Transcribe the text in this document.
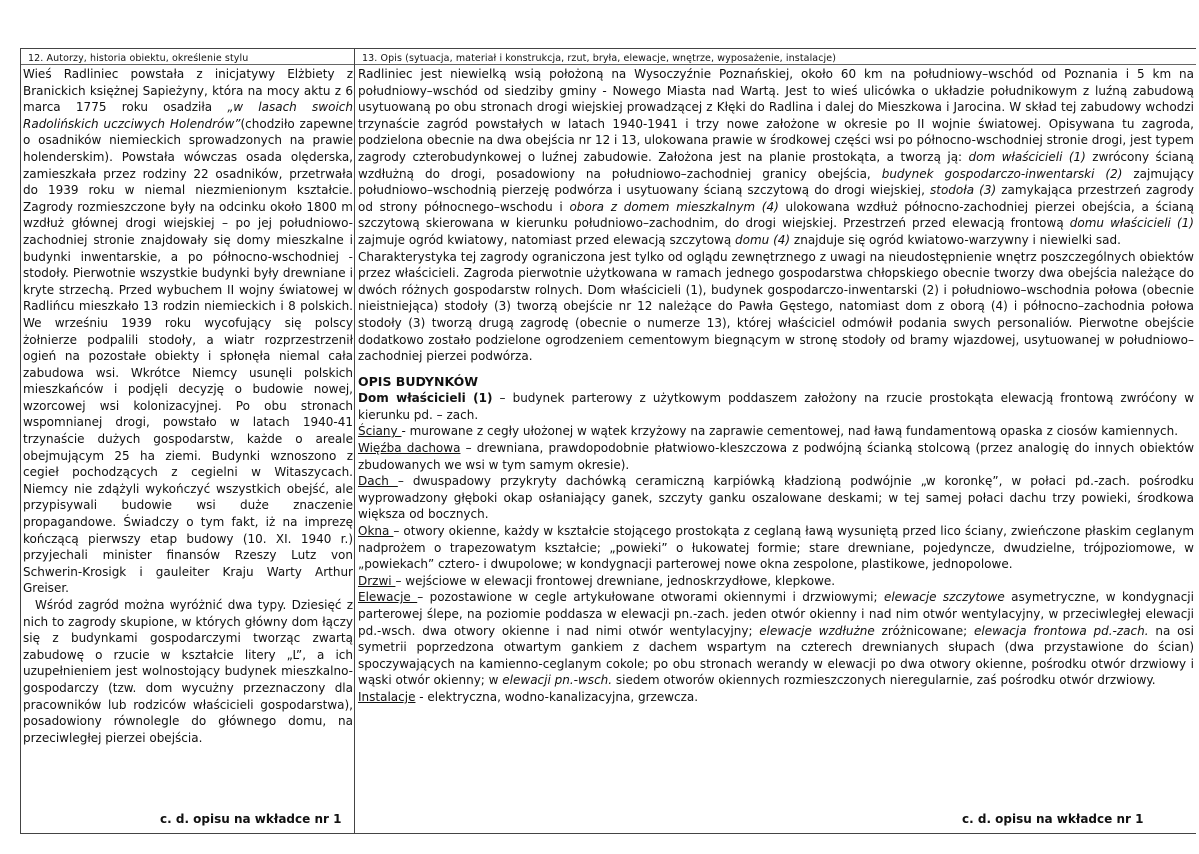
12. Autorzy, historia obiektu, określenie stylu	13. Opis (sytuacja, materiał i konstrukcja, rzut, bryła, elewacje, wnętrze, wyposażenie, instalacje)

Wieś Radliniec powstała z inicjatywy Elżbiety z Branickich księżnej Sapieżyny, która na mocy aktu z 6 marca 1775 roku osadziła „w lasach swoich Radolińskich uczciwych Holendrów”(chodziło zapewne o osadników niemieckich sprowadzonych na prawie holenderskim). Powstała wówczas osada olęderska, zamieszkała przez rodziny 22 osadników, przetrwała do 1939 roku w niemal niezmienionym kształcie. Zagrody rozmieszczone były na odcinku około 1800 m wzdłuż głównej drogi wiejskiej – po jej południowo-zachodniej stronie znajdowały się domy mieszkalne i budynki inwentarskie, a po północno-wschodniej - stodoły. Pierwotnie wszystkie budynki były drewniane i kryte strzechą. Przed wybuchem II wojny światowej w Radlińcu mieszkało 13 rodzin niemieckich i 8 polskich. We wrześniu 1939 roku wycofujący się polscy żołnierze podpalili stodoły, a wiatr rozprzestrzenił ogień na pozostałe obiekty i spłonęła niemal cała zabudowa wsi. Wkrótce Niemcy usunęli polskich mieszkańców i podjęli decyzję o budowie nowej, wzorcowej wsi kolonizacyjnej. Po obu stronach wspomnianej drogi, powstało w latach 1940-41 trzynaście dużych gospodarstw, każde o areale obejmującym 25 ha ziemi. Budynki wznoszono z cegieł pochodzących z cegielni w Witaszycach. Niemcy nie zdążyli wykończyć wszystkich obejść, ale przypisywali budowie wsi duże znaczenie propagandowe. Świadczy o tym fakt, iż na imprezę kończącą pierwszy etap budowy (10. XI. 1940 r.) przyjechali minister finansów Rzeszy Lutz von Schwerin-Krosigk i gauleiter Kraju Warty Arthur Greiser.

Wśród zagród można wyróżnić dwa typy. Dziesięć z nich to zagrody skupione, w których główny dom łączy się z budynkami gospodarczymi tworząc zwartą zabudowę o rzucie w kształcie litery „L”, a ich uzupełnieniem jest wolnostojący budynek mieszkalno-gospodarczy (tzw. dom wycużny przeznaczony dla pracowników lub rodziców właścicieli gospodarstwa), posadowiony równolegle do głównego domu, na przeciwległej pierzei obejścia.

Radliniec jest niewielką wsią położoną na Wysoczyźnie Poznańskiej, około 60 km na południowy–wschód od Poznania i 5 km na południowy–wschód od siedziby gminy - Nowego Miasta nad Wartą. Jest to wieś ulicówka o układzie południkowym z luźną zabudową usytuowaną po obu stronach drogi wiejskiej prowadzącej z Kłęki do Radlina i dalej do Mieszkowa i Jarocina. W skład tej zabudowy wchodzi trzynaście zagród powstałych w latach 1940-1941 i trzy nowe założone w okresie po II wojnie światowej. Opisywana tu zagroda, podzielona obecnie na dwa obejścia nr 12 i 13, ulokowana prawie w środkowej części wsi po północno-wschodniej stronie drogi, jest typem zagrody czterobudynkowej o luźnej zabudowie. Założona jest na planie prostokąta, a tworzą ją: dom właścicieli (1) zwrócony ścianą wzdłużną do drogi, posadowiony na południowo–zachodniej granicy obejścia, budynek gospodarczo-inwentarski (2) zajmujący południowo–wschodnią pierzeję podwórza i usytuowany ścianą szczytową do drogi wiejskiej, stodoła (3) zamykająca przestrzeń zagrody od strony północnego–wschodu i obora z domem mieszkalnym (4) ulokowana wzdłuż północno-zachodniej pierzei obejścia, a ścianą szczytową skierowana w kierunku południowo–zachodnim, do drogi wiejskiej. Przestrzeń przed elewacją frontową domu właścicieli (1) zajmuje ogród kwiatowy, natomiast przed elewacją szczytową domu (4) znajduje się ogród kwiatowo-warzywny i niewielki sad.

Charakterystyka tej zagrody ograniczona jest tylko od oglądu zewnętrznego z uwagi na nieudostępnienie wnętrz poszczególnych obiektów przez właścicieli. Zagroda pierwotnie użytkowana w ramach jednego gospodarstwa chłopskiego obecnie tworzy dwa obejścia należące do dwóch różnych gospodarstw rolnych. Dom właścicieli (1), budynek gospodarczo-inwentarski (2) i południowo–wschodnia połowa (obecnie nieistniejąca) stodoły (3) tworzą obejście nr 12 należące do Pawła Gęstego, natomiast dom z oborą (4) i północno–zachodnia połowa stodoły (3) tworzą drugą zagrodę (obecnie o numerze 13), której właściciel odmówił podania swych personaliów. Pierwotne obejście dodatkowo zostało podzielone ogrodzeniem cementowym biegnącym w stronę stodoły od bramy wjazdowej, usytuowanej w południowo–zachodniej pierzei podwórza.

OPIS BUDYNKÓW

Dom właścicieli (1) – budynek parterowy z użytkowym poddaszem założony na rzucie prostokąta elewacją frontową zwróćony w kierunku pd. – zach.

Ściany - murowane z cegły ułożonej w wątek krzyżowy na zaprawie cementowej, nad ławą fundamentową opaska z ciosów kamiennych.

Więźba dachowa – drewniana, prawdopodobnie płatwiowo-kleszczowa z podwójną ścianką stolcową (przez analogię do innych obiektów zbudowanych we wsi w tym samym okresie).

Dach – dwuspadowy przykryty dachówką ceramiczną karpiówką kładzioną podwójnie „w koronkę”, w połaci pd.-zach. pośrodku wyprowadzony głęboki okap osłaniający ganek, szczyty ganku oszalowane deskami; w tej samej połaci dachu trzy powieki, środkowa większa od bocznych.

Okna – otwory okienne, każdy w kształcie stojącego prostokąta z ceglaną ławą wysuniętą przed lico ściany, zwieńczone płaskim ceglanym nadprożem o trapezowatym kształcie; „powieki” o łukowatej formie; stare drewniane, pojedyncze, dwudzielne, trójpoziomowe, w „powiekach” cztero- i dwupolowe; w kondygnacji parterowej nowe okna zespolone, plastikowe, jednopolowe.

Drzwi – wejściowe w elewacji frontowej drewniane, jednoskrzydłowe, klepkowe.

Elewacje – pozostawione w cegle artykułowane otworami okiennymi i drzwiowymi; elewacje szczytowe asymetryczne, w kondygnacji parterowej ślepe, na poziomie poddasza w elewacji pn.-zach. jeden otwór okienny i nad nim otwór wentylacyjny, w przeciwległej elewacji pd.-wsch. dwa otwory okienne i nad nimi otwór wentylacyjny; elewacje wzdłużne zróżnicowane; elewacja frontowa pd.-zach. na osi symetrii poprzedzona otwartym gankiem z dachem wspartym na czterech drewnianych słupach (dwa przystawione do ścian) spoczywających na kamienno-ceglanym cokole; po obu stronach werandy w elewacji po dwa otwory okienne, pośrodku otwór drzwiowy i wąski otwór okienny; w elewacji pn.-wsch. siedem otworów okiennych rozmieszczonych nieregularnie, zaś pośrodku otwór drzwiowy.

Instalacje - elektryczna, wodno-kanalizacyjna, grzewcza.

c. d. opisu na wkładce nr 1	c. d. opisu na wkładce nr 1
